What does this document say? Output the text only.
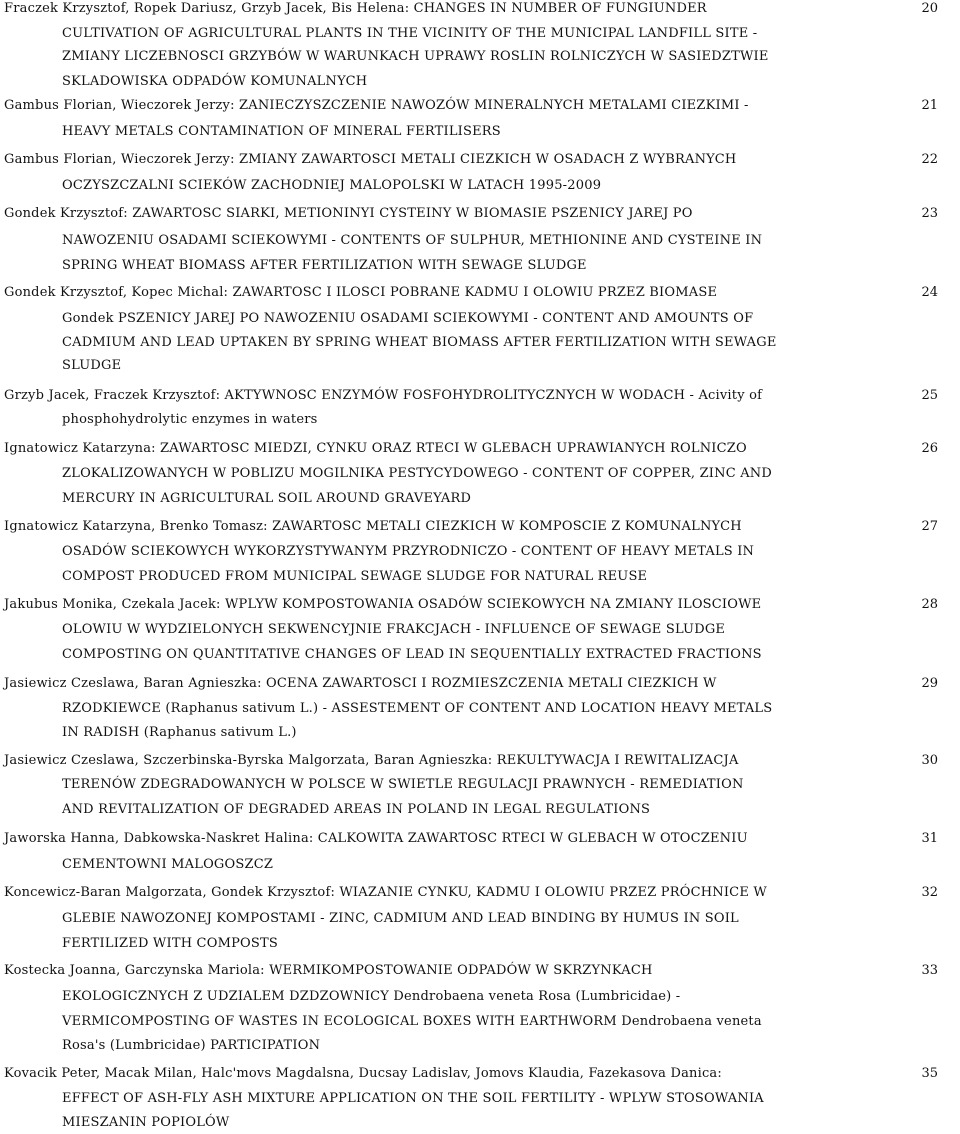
Fraczek Krzysztof, Ropek Dariusz, Grzyb Jacek, Bis Helena: CHANGES IN NUMBER OF FUNGIUNDER
CULTIVATION OF AGRICULTURAL PLANTS IN THE VICINITY OF THE MUNICIPAL LANDFILL SITE -
ZMIANY LICZEBNOSCI GRZYBÓW W WARUNKACH UPRAWY ROSLIN ROLNICZYCH W SASIEDZTWIE
SKLADOWISKA ODPADÓW KOMUNALNYCH
20
Gambus Florian, Wieczorek Jerzy: ZANIECZYSZCZENIE NAWOZÓW MINERALNYCH METALAMI CIEZKIMI -
HEAVY METALS CONTAMINATION OF MINERAL FERTILISERS
21
Gambus Florian, Wieczorek Jerzy: ZMIANY ZAWARTOSCI METALI CIEZKICH W OSADACH Z WYBRANYCH
OCZYSZCZALNI SCIEKÓW ZACHODNIEJ MALOPOLSKI W LATACH 1995-2009
22
Gondek Krzysztof: ZAWARTOSC SIARKI, METIONINYI CYSTEINY W BIOMASIE PSZENICY JAREJ PO
NAWOZENIU OSADAMI SCIEKOWYMI - CONTENTS OF SULPHUR, METHIONINE AND CYSTEINE IN
SPRING WHEAT BIOMASS AFTER FERTILIZATION WITH SEWAGE SLUDGE
23
Gondek Krzysztof, Kopec Michal: ZAWARTOSC I ILOSCI POBRANE KADMU I OLOWIU PRZEZ BIOMASE
Gondek PSZENICY JAREJ PO NAWOZENIU OSADAMI SCIEKOWYMI - CONTENT AND AMOUNTS OF
CADMIUM AND LEAD UPTAKEN BY SPRING WHEAT BIOMASS AFTER FERTILIZATION WITH SEWAGE
SLUDGE
24
Grzyb Jacek, Fraczek Krzysztof: AKTYWNOSC ENZYMÓW FOSFOHYDROLITYCZNYCH W WODACH - Acivity of
phosphohydrolytic enzymes in waters
25
Ignatowicz Katarzyna: ZAWARTOSC MIEDZI, CYNKU ORAZ RTECI W GLEBACH UPRAWIANYCH ROLNICZO
ZLOKALIZOWANYCH W POBLIZU MOGILNIKA PESTYCYDOWEGO - CONTENT OF COPPER, ZINC AND
MERCURY IN AGRICULTURAL SOIL AROUND GRAVEYARD
26
Ignatowicz Katarzyna, Brenko Tomasz: ZAWARTOSC METALI CIEZKICH W KOMPOSCIE Z KOMUNALNYCH
OSADÓW SCIEKOWYCH WYKORZYSTYWANYM PRZYRODNICZO - CONTENT OF HEAVY METALS IN
COMPOST PRODUCED FROM MUNICIPAL SEWAGE SLUDGE FOR NATURAL REUSE
27
Jakubus Monika, Czekala Jacek: WPLYW KOMPOSTOWANIA OSADÓW SCIEKOWYCH NA ZMIANY ILOSCIOWE
OLOWIU W WYDZIELONYCH SEKWENCYJNIE FRAKCJACH - INFLUENCE OF SEWAGE SLUDGE
COMPOSTING ON QUANTITATIVE CHANGES OF LEAD IN SEQUENTIALLY EXTRACTED FRACTIONS
28
Jasiewicz Czeslawa, Baran Agnieszka: OCENA ZAWARTOSCI I ROZMIESZCZENIA METALI CIEZKICH W
RZODKIEWCE (Raphanus sativum L.) - ASSESTEMENT OF CONTENT AND LOCATION HEAVY METALS
IN RADISH (Raphanus sativum L.)
29
Jasiewicz Czeslawa, Szczerbinska-Byrska Malgorzata, Baran Agnieszka: REKULTYWACJA I REWITALIZACJA
TERENÓW ZDEGRADOWANYCH W POLSCE W SWIETLE REGULACJI PRAWNYCH - REMEDIATION
AND REVITALIZATION OF DEGRADED AREAS IN POLAND IN LEGAL REGULATIONS
30
Jaworska Hanna, Dabkowska-Naskret Halina: CALKOWITA ZAWARTOSC RTECI W GLEBACH W OTOCZENIU
CEMENTOWNI MALOGOSZCZ
31
Koncewicz-Baran Malgorzata, Gondek Krzysztof: WIAZANIE CYNKU, KADMU I OLOWIU PRZEZ PRÓCHNICE W
GLEBIE NAWOZONEJ KOMPOSTAMI - ZINC, CADMIUM AND LEAD BINDING BY HUMUS IN SOIL
FERTILIZED WITH COMPOSTS
32
Kostecka Joanna, Garczynska Mariola: WERMIKOMPOSTOWANIE ODPADÓW W SKRZYNKACH
EKOLOGICZNYCH Z UDZIALEM DZDZOWNICY Dendrobaena veneta Rosa (Lumbricidae) -
VERMICOMPOSTING OF WASTES IN ECOLOGICAL BOXES WITH EARTHWORM Dendrobaena veneta
Rosa's (Lumbricidae) PARTICIPATION
33
Kovacik Peter, Macak Milan, Halc'movs Magdalsna, Ducsay Ladislav, Jomovs Klaudia, Fazekasova Danica:
EFFECT OF ASH-FLY ASH MIXTURE APPLICATION ON THE SOIL FERTILITY - WPLYW STOSOWANIA
MIESZANIN POPIOLÓW
35
